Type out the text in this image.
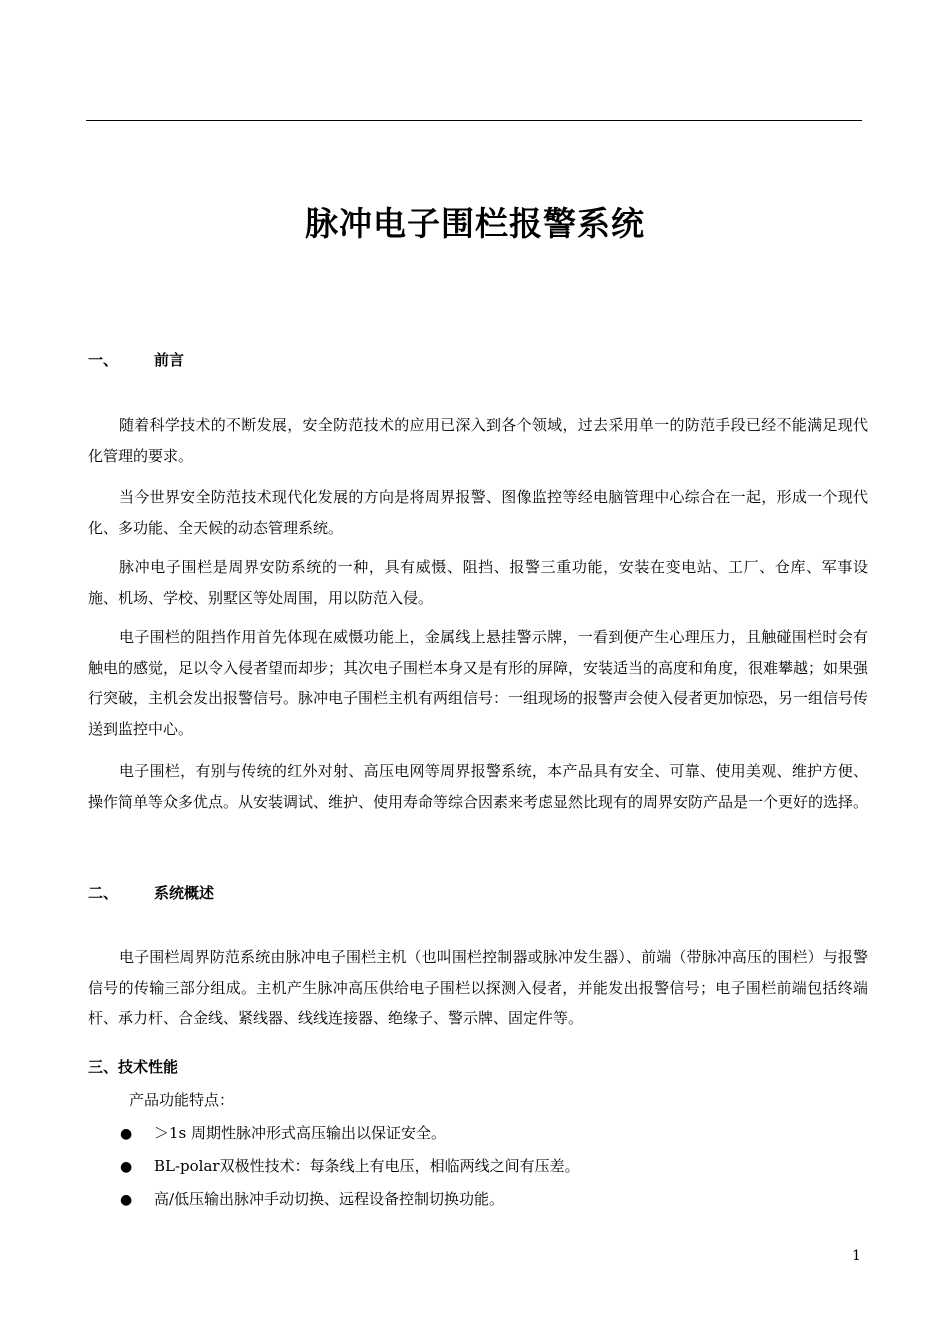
脉冲电子围栏报警系统
一、 前言

随着科学技术的不断发展，安全防范技术的应用已深入到各个领域，过去采用单一的防范手段已经不能满足现代化管理的要求。

当今世界安全防范技术现代化发展的方向是将周界报警、图像监控等经电脑管理中心综合在一起，形成一个现代化、多功能、全天候的动态管理系统。

脉冲电子围栏是周界安防系统的一种，具有威慑、阻挡、报警三重功能，安装在变电站、工厂、仓库、军事设施、机场、学校、别墅区等处周围，用以防范入侵。

电子围栏的阻挡作用首先体现在威慑功能上，金属线上悬挂警示牌，一看到便产生心理压力，且触碰围栏时会有触电的感觉，足以令入侵者望而却步；其次电子围栏本身又是有形的屏障，安装适当的高度和角度，很难攀越；如果强行突破，主机会发出报警信号。脉冲电子围栏主机有两组信号：一组现场的报警声会使入侵者更加惊恐，另一组信号传送到监控中心。

电子围栏，有别与传统的红外对射、高压电网等周界报警系统，本产品具有安全、可靠、使用美观、维护方便、操作简单等众多优点。从安装调试、维护、使用寿命等综合因素来考虑显然比现有的周界安防产品是一个更好的选择。

二、 系统概述

电子围栏周界防范系统由脉冲电子围栏主机（也叫围栏控制器或脉冲发生器）、前端（带脉冲高压的围栏）与报警信号的传输三部分组成。主机产生脉冲高压供给电子围栏以探测入侵者，并能发出报警信号；电子围栏前端包括终端杆、承力杆、合金线、紧线器、线线连接器、绝缘子、警示牌、固定件等。

三、技术性能
产品功能特点：
● ＞1s 周期性脉冲形式高压输出以保证安全。
● BL-polar双极性技术：每条线上有电压，相临两线之间有压差。
● 高/低压输出脉冲手动切换、远程设备控制切换功能。
1
